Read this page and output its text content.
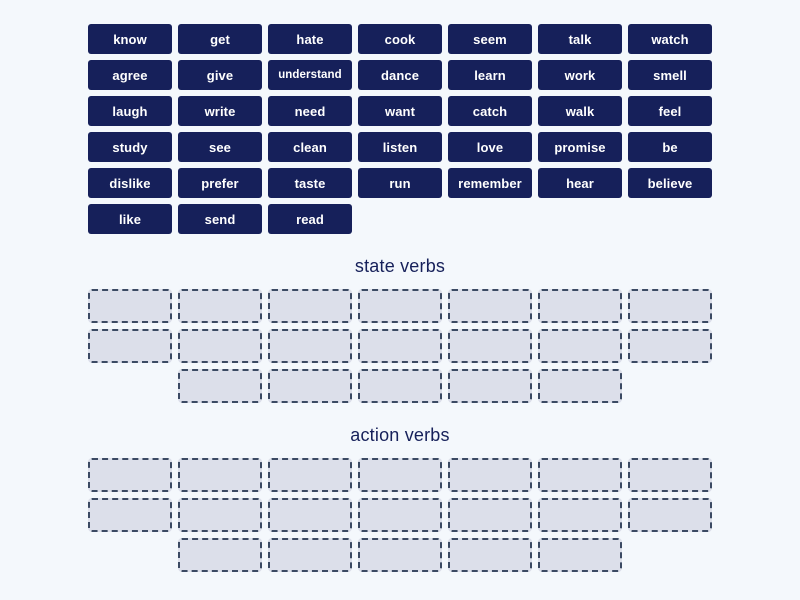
know	get	hate	cook	seem	talk	watch
agree	give	understand	dance	learn	work	smell
laugh	write	need	want	catch	walk	feel
study	see	clean	listen	love	promise	be
dislike	prefer	taste	run	remember	hear	believe
like	send	read
state verbs
action verbs
